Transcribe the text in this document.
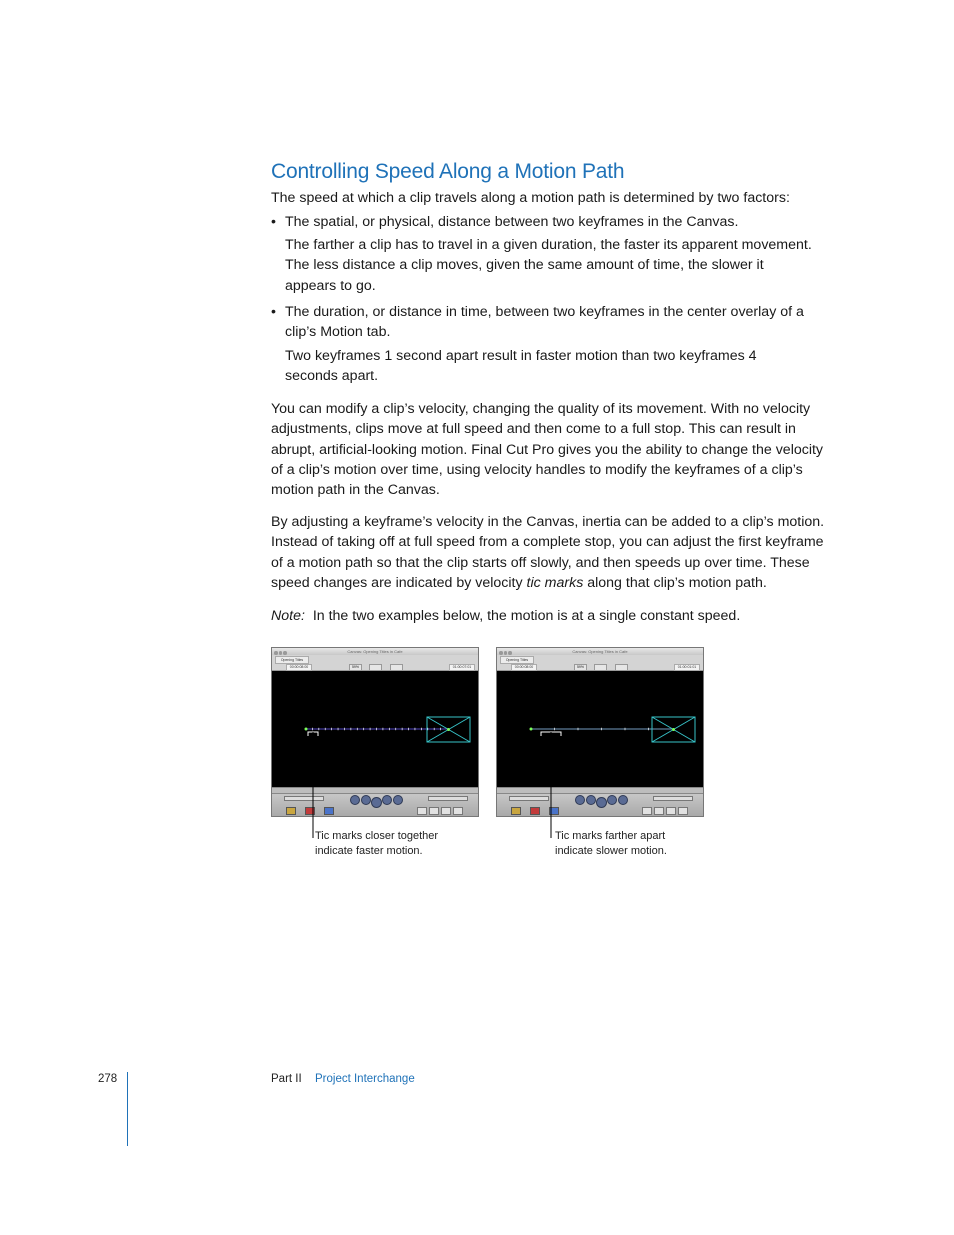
Controlling Speed Along a Motion Path

The speed at which a clip travels along a motion path is determined by two factors:

• The spatial, or physical, distance between two keyframes in the Canvas.

The farther a clip has to travel in a given duration, the faster its apparent movement. The less distance a clip moves, given the same amount of time, the slower it appears to go.

• The duration, or distance in time, between two keyframes in the center overlay of a clip’s Motion tab.

Two keyframes 1 second apart result in faster motion than two keyframes 4 seconds apart.

You can modify a clip’s velocity, changing the quality of its movement. With no velocity adjustments, clips move at full speed and then come to a full stop. This can result in abrupt, artificial-looking motion. Final Cut Pro gives you the ability to change the velocity of a clip’s motion over time, using velocity handles to modify the keyframes of a clip’s motion path in the Canvas.

By adjusting a keyframe’s velocity in the Canvas, inertia can be added to a clip’s motion. Instead of taking off at full speed from a complete stop, you can adjust the first keyframe of a motion path so that the clip starts off slowly, and then speeds up over time. These speed changes are indicated by velocity tic marks along that clip’s motion path.

Note: In the two examples below, the motion is at a single constant speed.

Canvas: Opening Titles in Cafe
Opening Titles
00:00:08:00	59%	01:00:07:01
Canvas: Opening Titles in Cafe
Opening Titles
00:00:08:00	59%	01:00:01:01
Tic marks closer together
indicate faster motion.
Tic marks farther apart
indicate slower motion.
278	Part II Project Interchange
